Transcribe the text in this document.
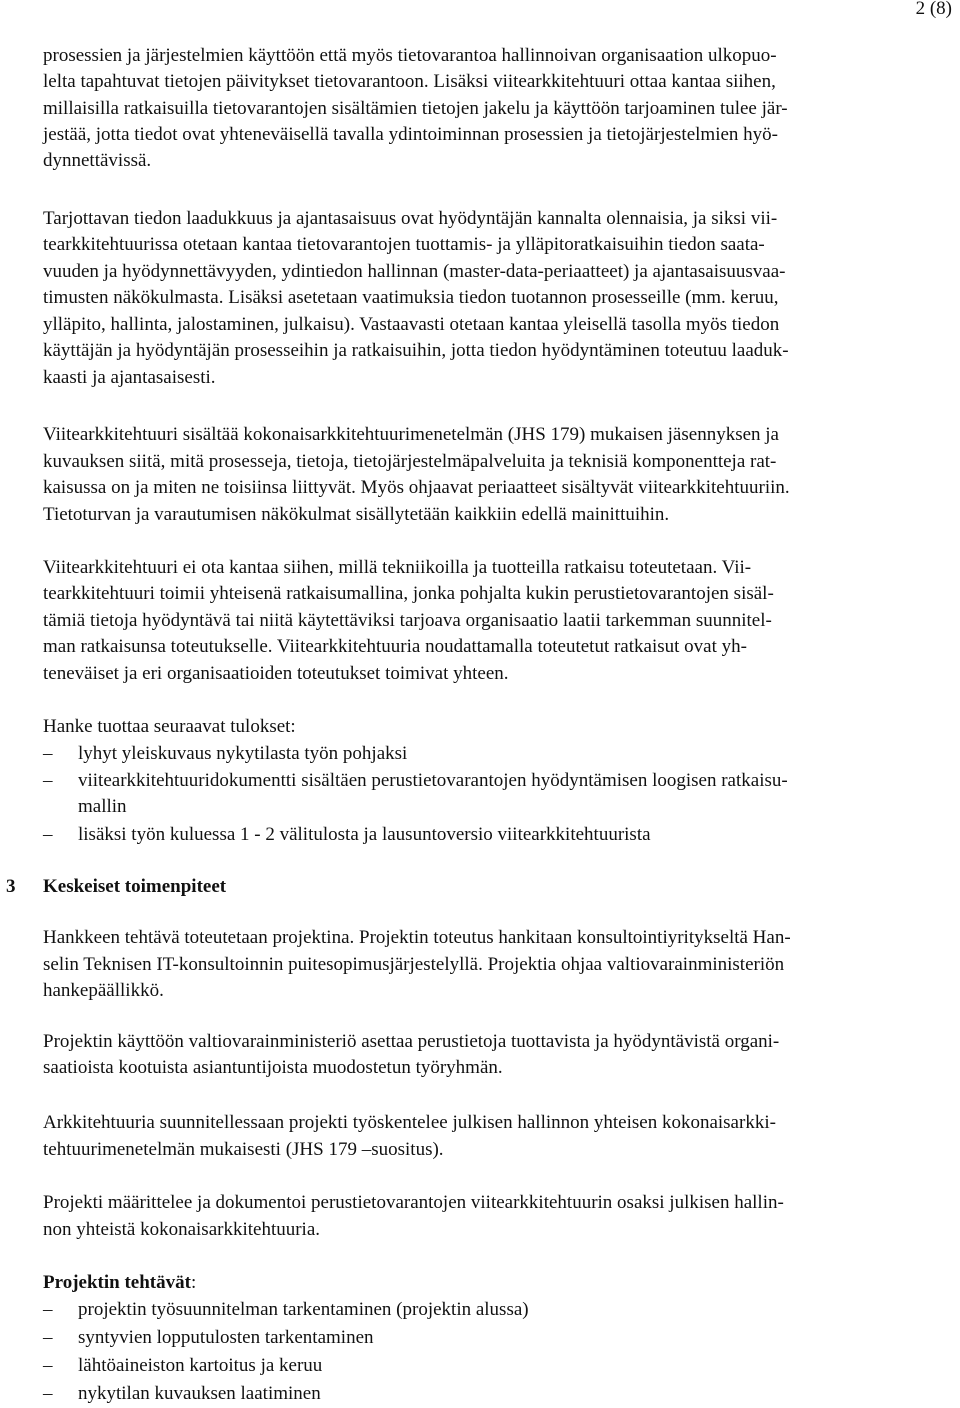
2 (8)
prosessien ja järjestelmien käyttöön että myös tietovarantoa hallinnoivan organisaation ulkopuo-
lelta tapahtuvat tietojen päivitykset tietovarantoon. Lisäksi viitearkkitehtuuri ottaa kantaa siihen,
millaisilla ratkaisuilla tietovarantojen sisältämien tietojen jakelu ja käyttöön tarjoaminen tulee jär-
jestää, jotta tiedot ovat yhteneväisellä tavalla ydintoiminnan prosessien ja tietojärjestelmien hyö-
dynnettävissä.
Tarjottavan tiedon laadukkuus ja ajantasaisuus ovat hyödyntäjän kannalta olennaisia, ja siksi vii-
tearkkitehtuurissa otetaan kantaa tietovarantojen tuottamis- ja ylläpitoratkaisuihin tiedon saata-
vuuden ja hyödynnettävyyden, ydintiedon hallinnan (master-data-periaatteet) ja ajantasaisuusvaa-
timusten näkökulmasta. Lisäksi asetetaan vaatimuksia tiedon tuotannon prosesseille (mm. keruu,
ylläpito, hallinta, jalostaminen, julkaisu). Vastaavasti otetaan kantaa yleisellä tasolla myös tiedon
käyttäjän ja hyödyntäjän prosesseihin ja ratkaisuihin, jotta tiedon hyödyntäminen toteutuu laaduk-
kaasti ja ajantasaisesti.
Viitearkkitehtuuri sisältää kokonaisarkkitehtuurimenetelmän (JHS 179) mukaisen jäsennyksen ja
kuvauksen siitä, mitä prosesseja, tietoja, tietojärjestelmäpalveluita ja teknisiä komponentteja rat-
kaisussa on ja miten ne toisiinsa liittyvät. Myös ohjaavat periaatteet sisältyvät viitearkkitehtuuriin.
Tietoturvan ja varautumisen näkökulmat sisällytetään kaikkiin edellä mainittuihin.
Viitearkkitehtuuri ei ota kantaa siihen, millä tekniikoilla ja tuotteilla ratkaisu toteutetaan. Vii-
tearkkitehtuuri toimii yhteisenä ratkaisumallina, jonka pohjalta kukin perustietovarantojen sisäl-
tämiä tietoja hyödyntävä tai niitä käytettäviksi tarjoava organisaatio laatii tarkemman suunnitel-
man ratkaisunsa toteutukselle. Viitearkkitehtuuria noudattamalla toteutetut ratkaisut ovat yh-
teneväiset ja eri organisaatioiden toteutukset toimivat yhteen.
Hanke tuottaa seuraavat tulokset:
– lyhyt yleiskuvaus nykytilasta työn pohjaksi
– viitearkkitehtuuridokumentti sisältäen perustietovarantojen hyödyntämisen loogisen ratkaisu-
mallin
– lisäksi työn kuluessa 1 - 2 välitulosta ja lausuntoversio viitearkkitehtuurista
3 Keskeiset toimenpiteet
Hankkeen tehtävä toteutetaan projektina. Projektin toteutus hankitaan konsultointiyritykseltä Han-
selin Teknisen IT-konsultoinnin puitesopimusjärjestelyllä. Projektia ohjaa valtiovarainministeriön
hankepäällikkö.
Projektin käyttöön valtiovarainministeriö asettaa perustietoja tuottavista ja hyödyntävistä organi-
saatioista kootuista asiantuntijoista muodostetun työryhmän.
Arkkitehtuuria suunnitellessaan projekti työskentelee julkisen hallinnon yhteisen kokonaisarkki-
tehtuurimenetelmän mukaisesti (JHS 179 –suositus).
Projekti määrittelee ja dokumentoi perustietovarantojen viitearkkitehtuurin osaksi julkisen hallin-
non yhteistä kokonaisarkkitehtuuria.
Projektin tehtävät:
– projektin työsuunnitelman tarkentaminen (projektin alussa)
– syntyvien lopputulosten tarkentaminen
– lähtöaineiston kartoitus ja keruu
– nykytilan kuvauksen laatiminen
